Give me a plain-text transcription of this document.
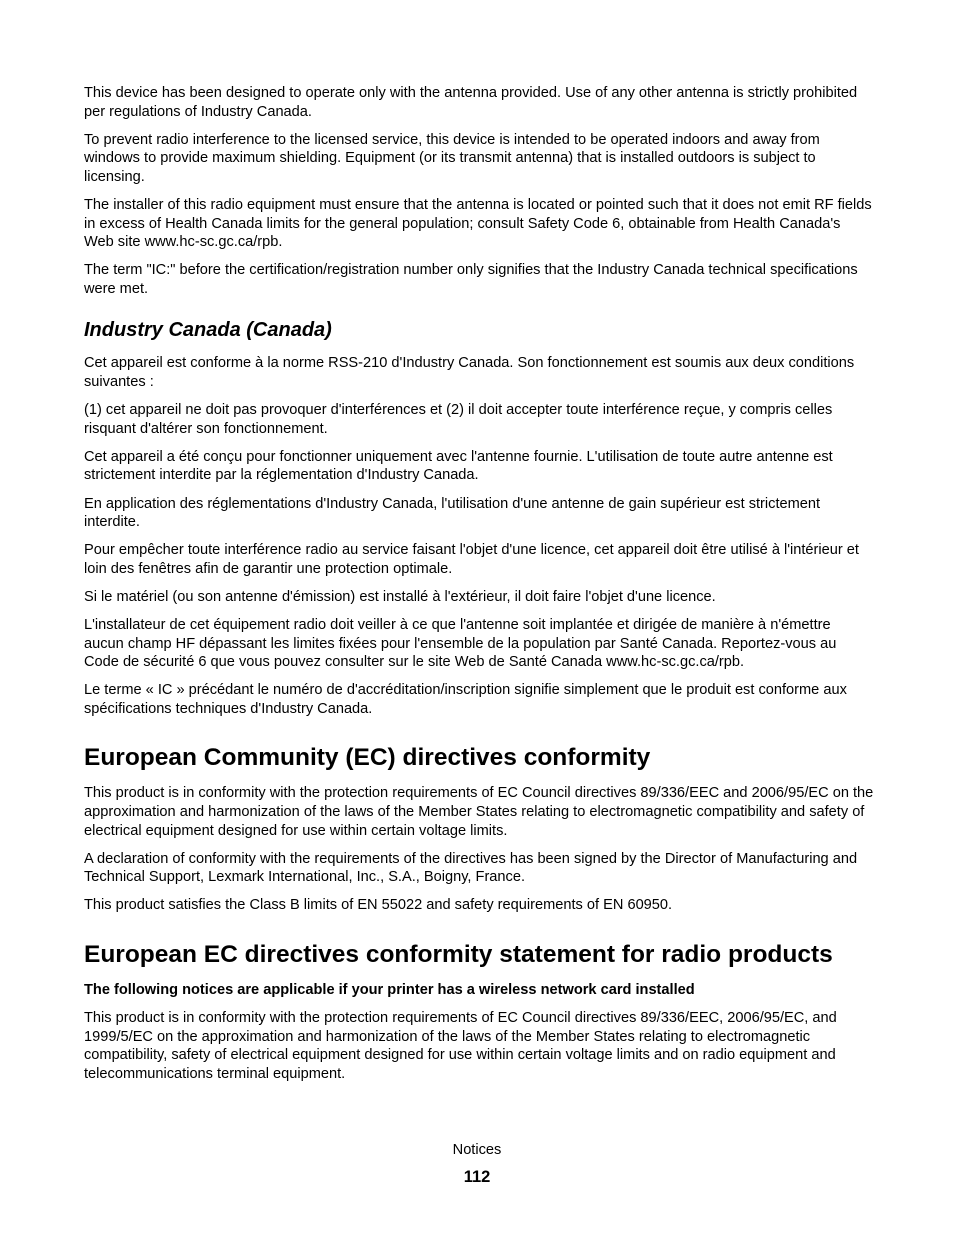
This device has been designed to operate only with the antenna provided. Use of any other antenna is strictly prohibited per regulations of Industry Canada.

To prevent radio interference to the licensed service, this device is intended to be operated indoors and away from windows to provide maximum shielding. Equipment (or its transmit antenna) that is installed outdoors is subject to licensing.

The installer of this radio equipment must ensure that the antenna is located or pointed such that it does not emit RF fields in excess of Health Canada limits for the general population; consult Safety Code 6, obtainable from Health Canada's Web site www.hc-sc.gc.ca/rpb.

The term "IC:" before the certification/registration number only signifies that the Industry Canada technical specifications were met.

Industry Canada (Canada)

Cet appareil est conforme à la norme RSS-210 d'Industry Canada. Son fonctionnement est soumis aux deux conditions suivantes :

(1) cet appareil ne doit pas provoquer d'interférences et (2) il doit accepter toute interférence reçue, y compris celles risquant d'altérer son fonctionnement.

Cet appareil a été conçu pour fonctionner uniquement avec l'antenne fournie. L'utilisation de toute autre antenne est strictement interdite par la réglementation d'Industry Canada.

En application des réglementations d'Industry Canada, l'utilisation d'une antenne de gain supérieur est strictement interdite.

Pour empêcher toute interférence radio au service faisant l'objet d'une licence, cet appareil doit être utilisé à l'intérieur et loin des fenêtres afin de garantir une protection optimale.

Si le matériel (ou son antenne d'émission) est installé à l'extérieur, il doit faire l'objet d'une licence.

L'installateur de cet équipement radio doit veiller à ce que l'antenne soit implantée et dirigée de manière à n'émettre aucun champ HF dépassant les limites fixées pour l'ensemble de la population par Santé Canada. Reportez-vous au Code de sécurité 6 que vous pouvez consulter sur le site Web de Santé Canada www.hc-sc.gc.ca/rpb.

Le terme « IC » précédant le numéro de d'accréditation/inscription signifie simplement que le produit est conforme aux spécifications techniques d'Industry Canada.

European Community (EC) directives conformity

This product is in conformity with the protection requirements of EC Council directives 89/336/EEC and 2006/95/EC on the approximation and harmonization of the laws of the Member States relating to electromagnetic compatibility and safety of electrical equipment designed for use within certain voltage limits.

A declaration of conformity with the requirements of the directives has been signed by the Director of Manufacturing and Technical Support, Lexmark International, Inc., S.A., Boigny, France.

This product satisfies the Class B limits of EN 55022 and safety requirements of EN 60950.

European EC directives conformity statement for radio products

The following notices are applicable if your printer has a wireless network card installed

This product is in conformity with the protection requirements of EC Council directives 89/336/EEC, 2006/95/EC, and 1999/5/EC on the approximation and harmonization of the laws of the Member States relating to electromagnetic compatibility, safety of electrical equipment designed for use within certain voltage limits and on radio equipment and telecommunications terminal equipment.

Notices
112
